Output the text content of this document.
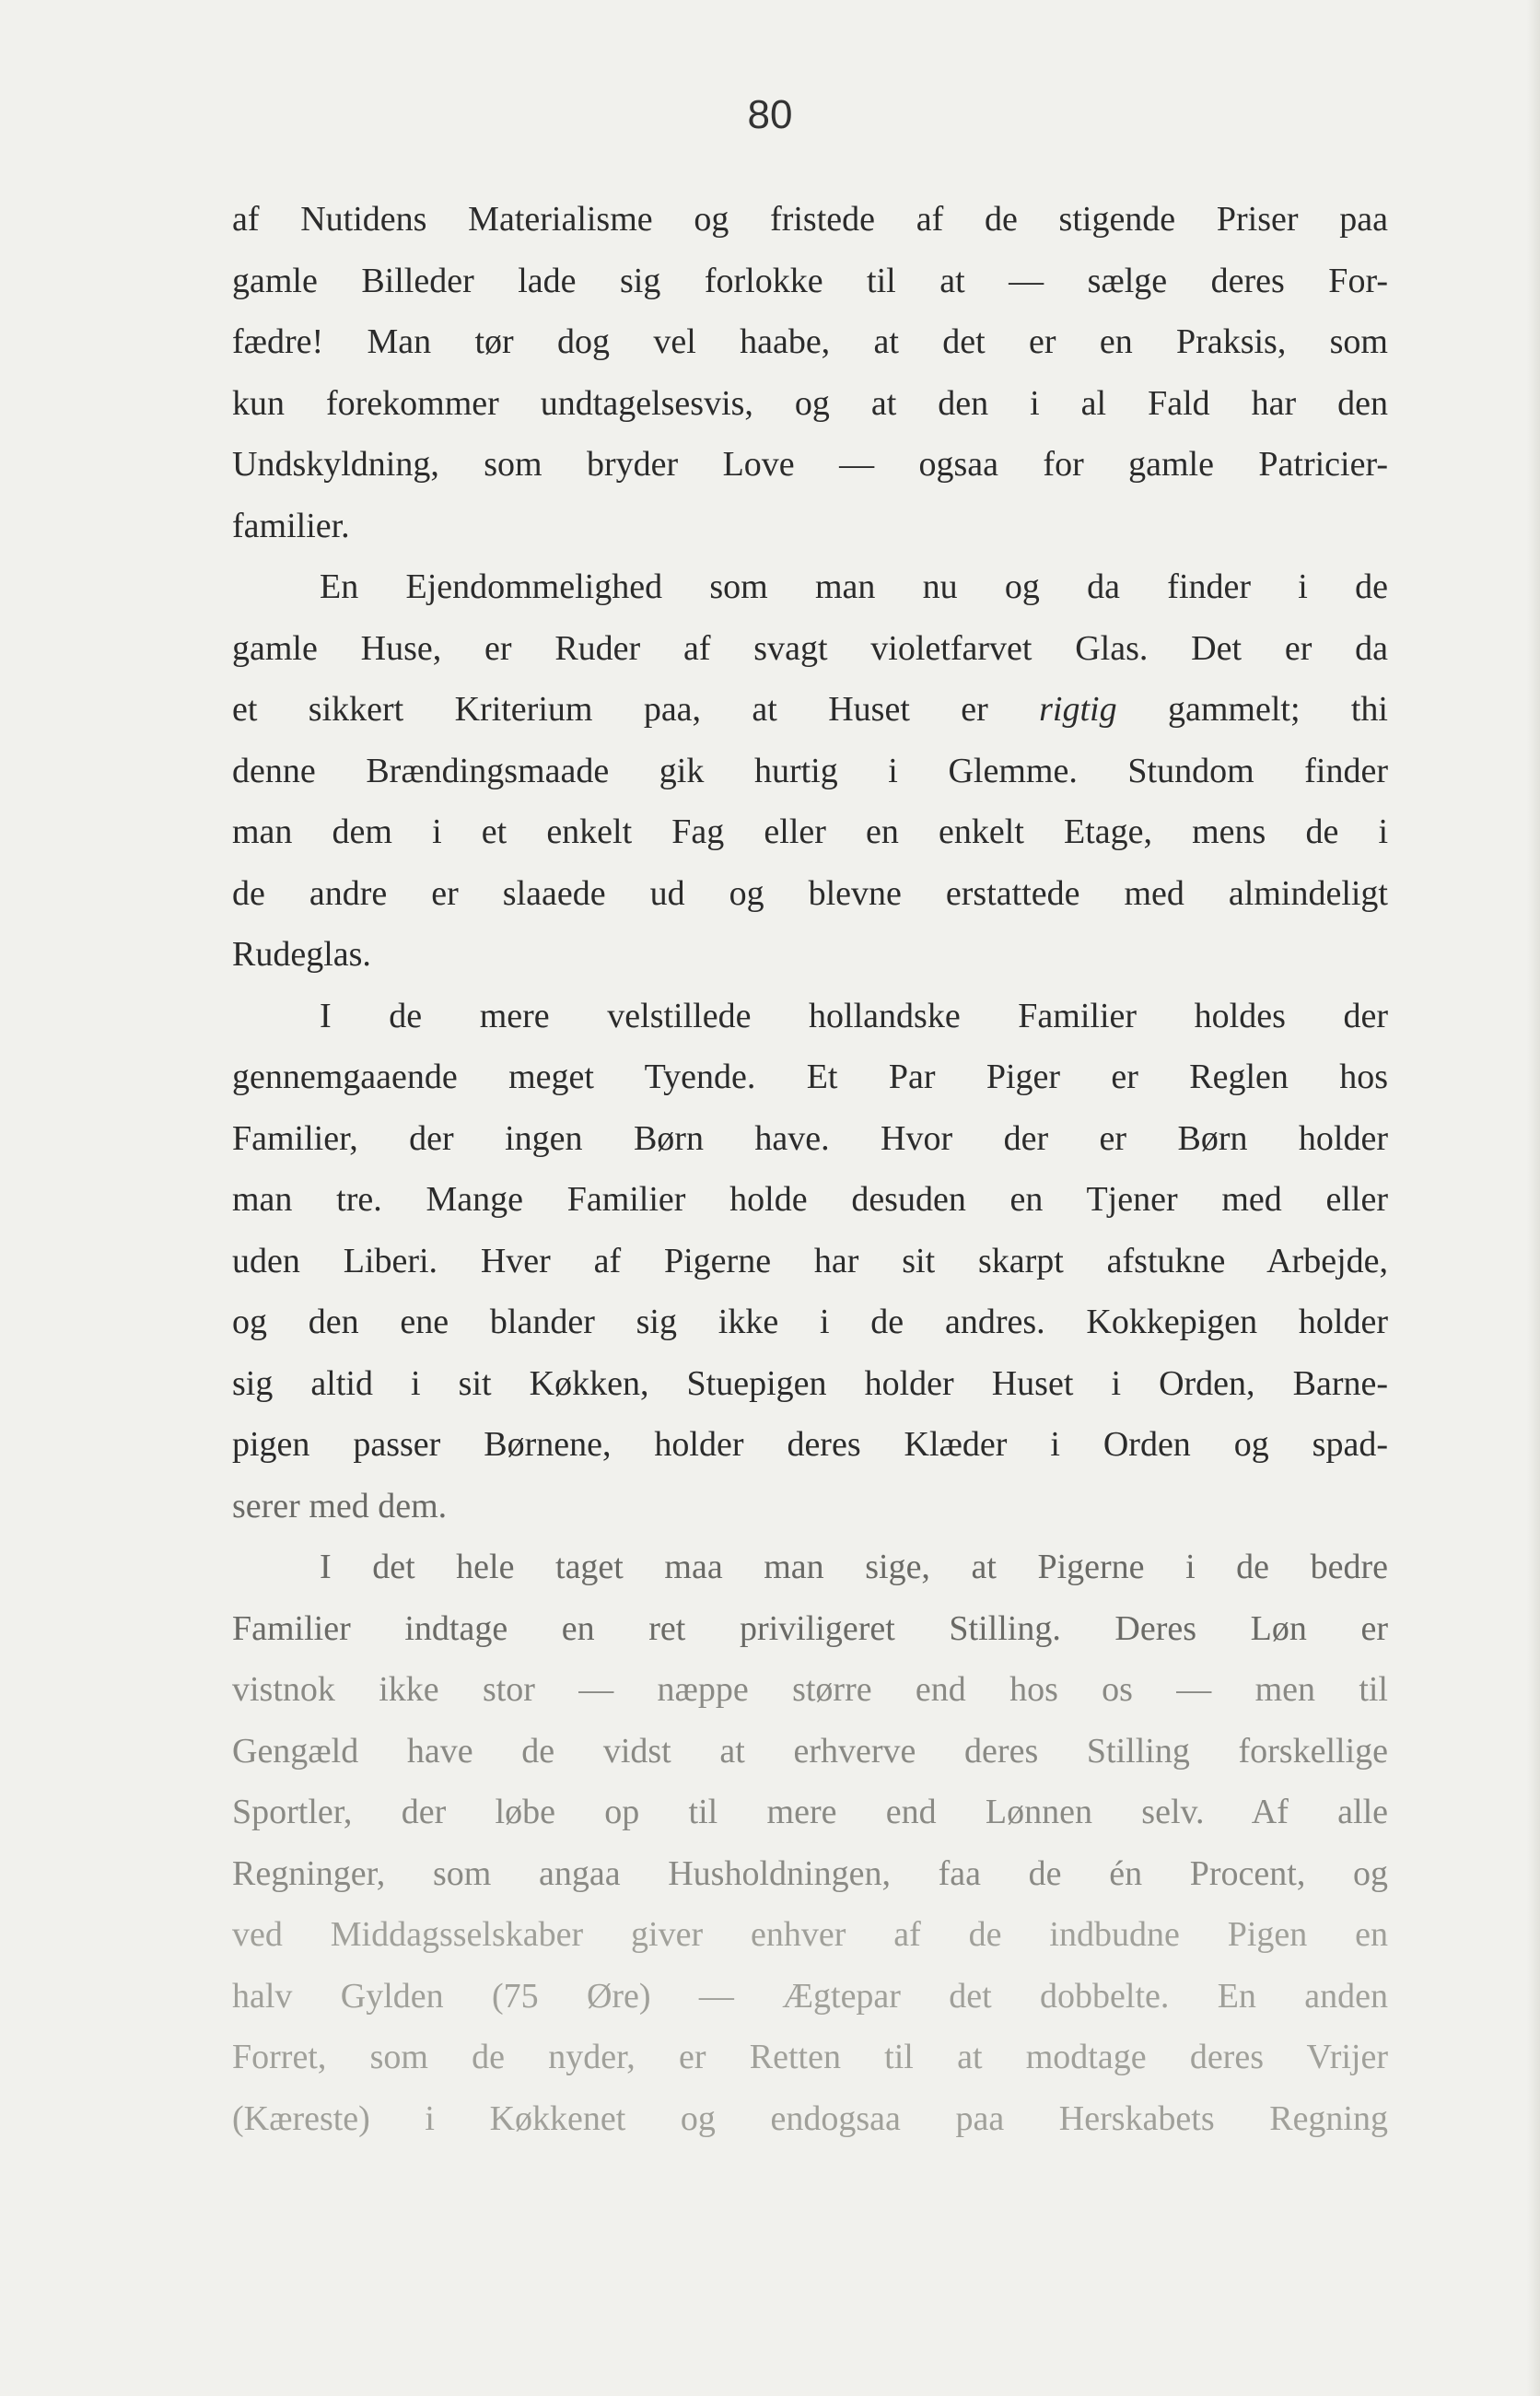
80
af Nutidens Materialisme og fristede af de stigende Priser paa
gamle Billeder lade sig forlokke til at — sælge deres For-
fædre! Man tør dog vel haabe, at det er en Praksis, som
kun forekommer undtagelsesvis, og at den i al Fald har den
Undskyldning, som bryder Love — ogsaa for gamle Patricier-
familier.
En Ejendommelighed som man nu og da finder i de
gamle Huse, er Ruder af svagt violetfarvet Glas. Det er da
et sikkert Kriterium paa, at Huset er rigtig gammelt; thi
denne Brændingsmaade gik hurtig i Glemme. Stundom finder
man dem i et enkelt Fag eller en enkelt Etage, mens de i
de andre er slaaede ud og blevne erstattede med almindeligt
Rudeglas.
I de mere velstillede hollandske Familier holdes der
gennemgaaende meget Tyende. Et Par Piger er Reglen hos
Familier, der ingen Børn have. Hvor der er Børn holder
man tre. Mange Familier holde desuden en Tjener med eller
uden Liberi. Hver af Pigerne har sit skarpt afstukne Arbejde,
og den ene blander sig ikke i de andres. Kokkepigen holder
sig altid i sit Køkken, Stuepigen holder Huset i Orden, Barne-
pigen passer Børnene, holder deres Klæder i Orden og spad-
serer med dem.
I det hele taget maa man sige, at Pigerne i de bedre
Familier indtage en ret priviligeret Stilling. Deres Løn er
vistnok ikke stor — næppe større end hos os — men til
Gengæld have de vidst at erhverve deres Stilling forskellige
Sportler, der løbe op til mere end Lønnen selv. Af alle
Regninger, som angaa Husholdningen, faa de én Procent, og
ved Middagsselskaber giver enhver af de indbudne Pigen en
halv Gylden (75 Øre) — Ægtepar det dobbelte. En anden
Forret, som de nyder, er Retten til at modtage deres Vrijer
(Kæreste) i Køkkenet og endogsaa paa Herskabets Regning
